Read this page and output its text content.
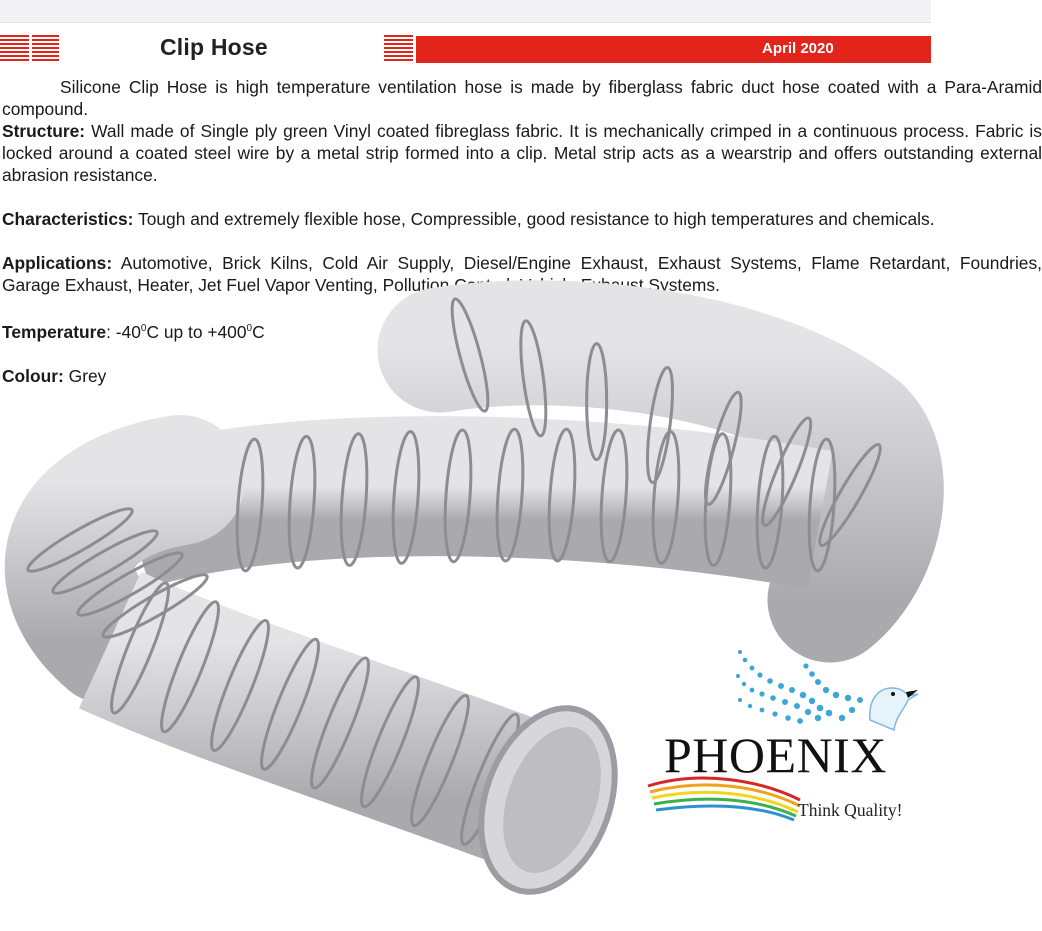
Clip Hose	April 2020

Silicone Clip Hose is high temperature ventilation hose is made by fiberglass fabric duct hose coated with a Para-Aramid compound.

Structure: Wall made of Single ply green Vinyl coated fibreglass fabric. It is mechanically crimped in a continuous process. Fabric is locked around a coated steel wire by a metal strip formed into a clip. Metal strip acts as a wearstrip and offers outstanding external abrasion resistance.

Characteristics: Tough and extremely flexible hose, Compressible, good resistance to high temperatures and chemicals.

Applications: Automotive, Brick Kilns, Cold Air Supply, Diesel/Engine Exhaust, Exhaust Systems, Flame Retardant, Foundries, Garage Exhaust, Heater, Jet Fuel Vapor Venting, Pollution Control, Vehicle Exhaust Systems.

Temperature: $-40^0C$ up to $+400^0C$

Colour: Grey

PHOENIX
Think Quality!
